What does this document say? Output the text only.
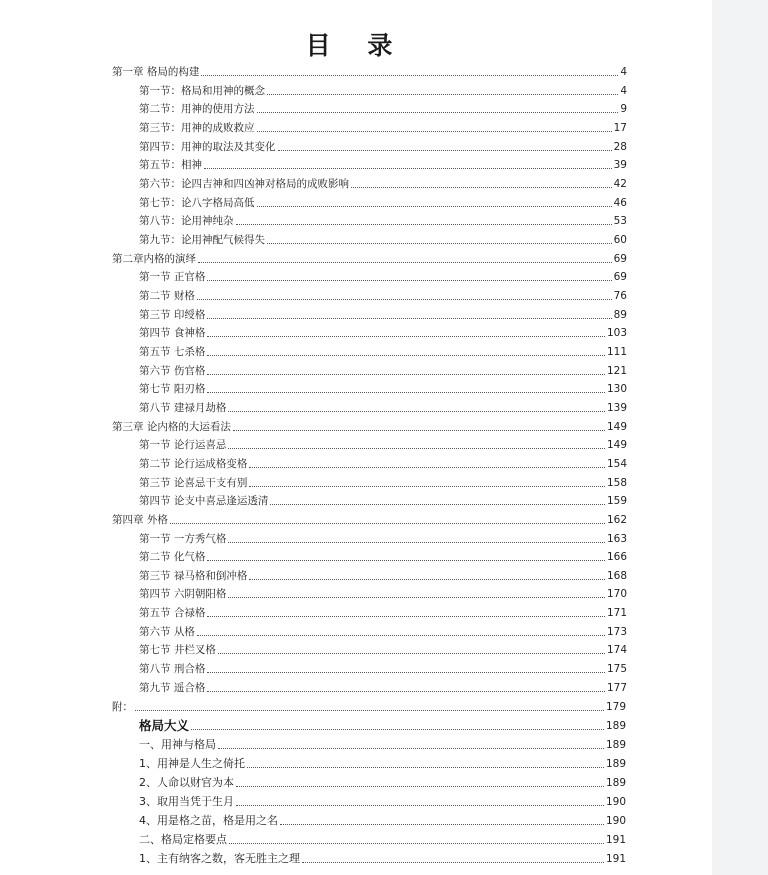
目 录
第一章 格局的构建	4
第一节：格局和用神的概念	4
第二节：用神的使用方法	9
第三节：用神的成败救应	17
第四节：用神的取法及其变化	28
第五节：相神	39
第六节：论四吉神和四凶神对格局的成败影响	42
第七节：论八字格局高低	46
第八节：论用神纯杂	53
第九节：论用神配气候得失	60
第二章内格的演绎	69
第一节 正官格	69
第二节 财格	76
第三节 印绶格	89
第四节 食神格	103
第五节 七杀格	111
第六节 伤官格	121
第七节 阳刃格	130
第八节 建禄月劫格	139
第三章 论内格的大运看法	149
第一节 论行运喜忌	149
第二节 论行运成格变格	154
第三节 论喜忌干支有别	158
第四节 论支中喜忌逢运透清	159
第四章 外格	162
第一节 一方秀气格	163
第二节 化气格	166
第三节 禄马格和倒冲格	168
第四节 六阴朝阳格	170
第五节 合禄格	171
第六节 从格	173
第七节 井栏叉格	174
第八节 刑合格	175
第九节 遥合格	177
附：	179
格局大义	189
一、用神与格局	189
1、用神是人生之倚托	189
2、人命以财官为本	189
3、取用当凭于生月	190
4、用是格之苗，格是用之名	190
二、格局定格要点	191
1、主有纳客之数，客无胜主之理	191
